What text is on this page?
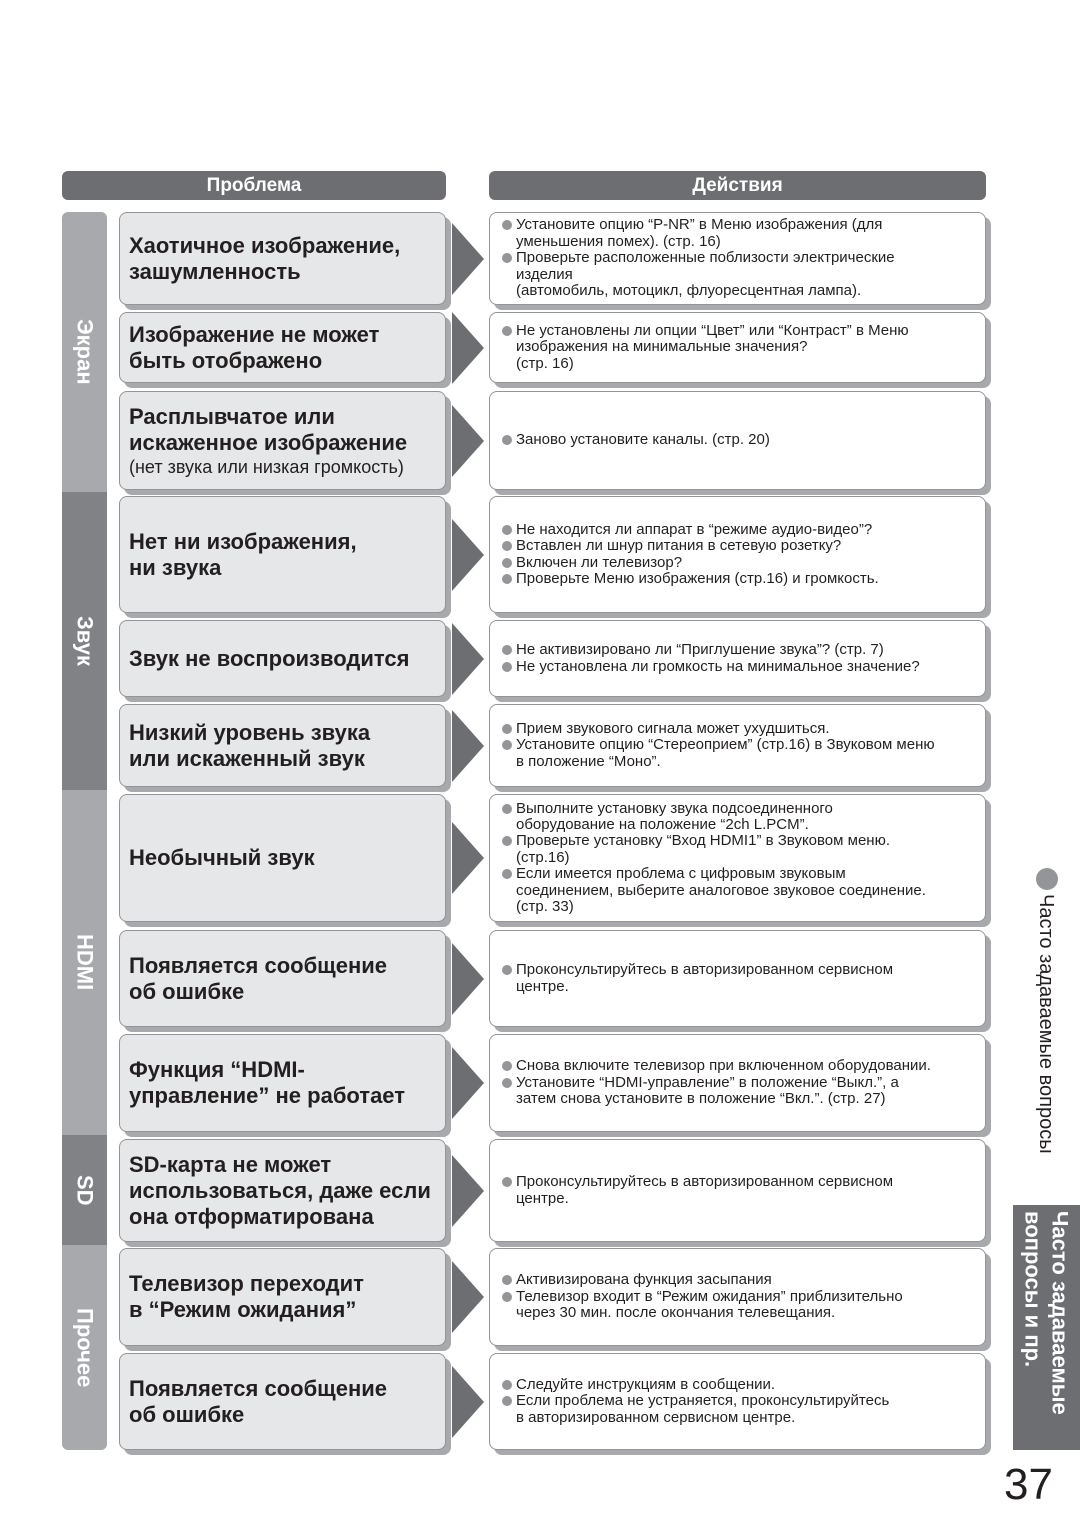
Проблема	Действия
Экран
Звук
HDMI
SD
Прочее
Хаотичное изображение,
зашумленность
Установите опцию “P-NR” в Меню изображения (для
уменьшения помех). (стр. 16)
Проверьте расположенные поблизости электрические
изделия
(автомобиль, мотоцикл, флуоресцентная лампа).
Изображение не может
быть отображено
Не установлены ли опции “Цвет” или “Контраст” в Меню
изображения на минимальные значения?
(стр. 16)
Расплывчатое или
искаженное изображение
(нет звука или низкая громкость)
Заново установите каналы. (стр. 20)
Нет ни изображения,
ни звука
Не находится ли аппарат в “режиме аудио-видео”?
Вставлен ли шнур питания в сетевую розетку?
Включен ли телевизор?
Проверьте Меню изображения (стр.16) и громкость.
Звук не воспроизводится	Не активизировано ли “Приглушение звука”? (стр. 7)
Не установлена ли громкость на минимальное значение?
Низкий уровень звука
или искаженный звук
Прием звукового сигнала может ухудшиться.
Установите опцию “Стереоприем” (стр.16) в Звуковом меню
в положение “Моно”.
Необычный звук
Выполните установку звука подсоединенного
оборудование на положение “2ch L.PCM”.
Проверьте установку “Вход HDMI1” в Звуковом меню.
(стр.16)
Если имеется проблема с цифровым звуковым
соединением, выберите аналоговое звуковое соединение.
(стр. 33)
Появляется сообщение
об ошибке
Проконсультируйтесь в авторизированном сервисном
центре.
Функция “HDMI-
управление” не работает
Снова включите телевизор при включенном оборудовании.
Установите “HDMI-управление” в положение “Выкл.”, а
затем снова установите в положение “Вкл.”. (стр. 27)
SD-карта не может
использоваться, даже если
она отформатирована
Проконсультируйтесь в авторизированном сервисном
центре.
Телевизор переходит
в “Режим ожидания”
Активизирована функция засыпания
Телевизор входит в “Режим ожидания” приблизительно
через 30 мин. после окончания телевещания.
Появляется сообщение
об ошибке
Следуйте инструкциям в сообщении.
Если проблема не устраняется, проконсультируйтесь
в авторизированном сервисном центре.
Часто задаваемые вопросы
Часто задаваемые
вопросы и пр.
37
